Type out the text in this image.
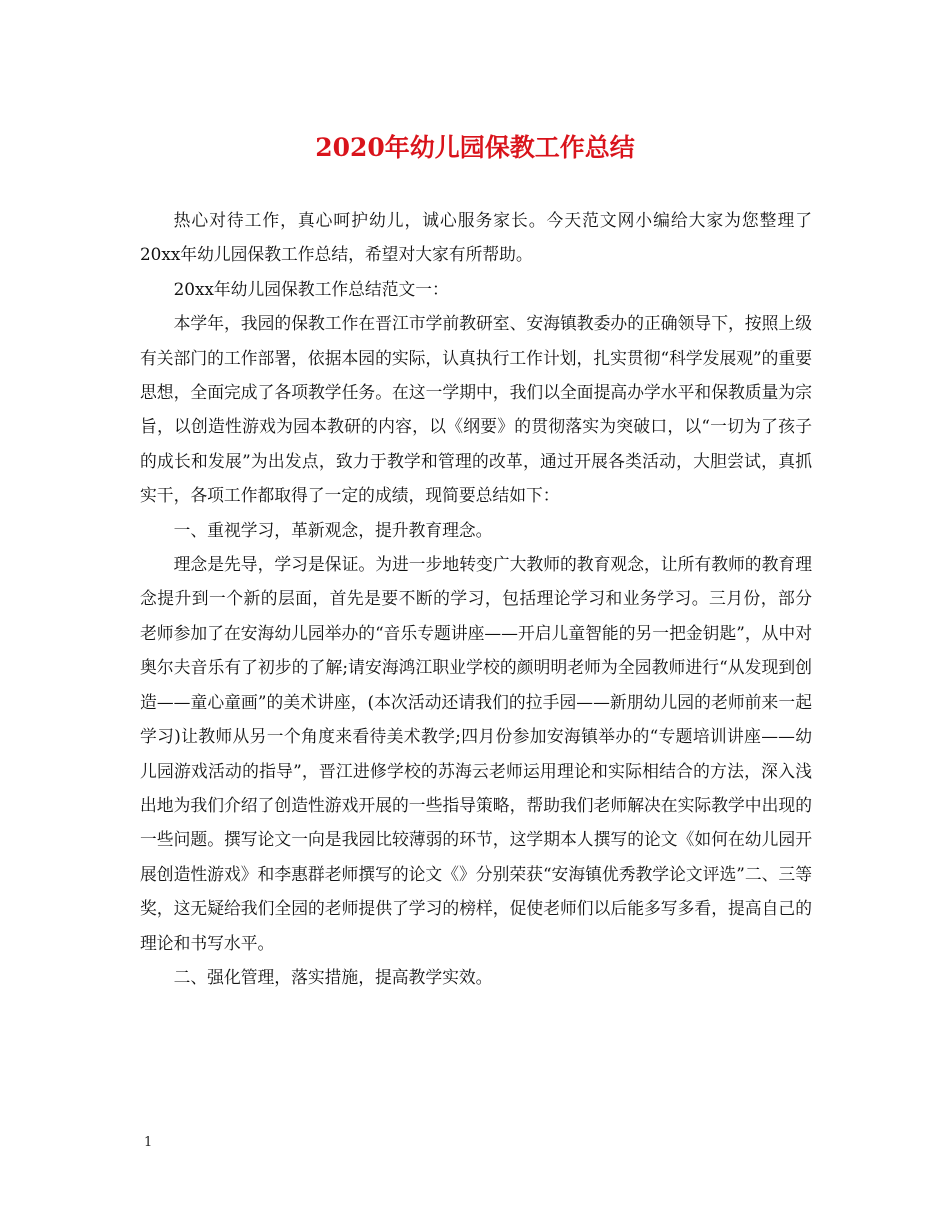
2020年幼儿园保教工作总结

热心对待工作，真心呵护幼儿，诚心服务家长。今天范文网小编给大家为您整理了20xx年幼儿园保教工作总结，希望对大家有所帮助。

20xx年幼儿园保教工作总结范文一：

本学年，我园的保教工作在晋江市学前教研室、安海镇教委办的正确领导下，按照上级有关部门的工作部署，依据本园的实际，认真执行工作计划，扎实贯彻“科学发展观”的重要思想，全面完成了各项教学任务。在这一学期中，我们以全面提高办学水平和保教质量为宗旨，以创造性游戏为园本教研的内容，以《纲要》的贯彻落实为突破口，以“一切为了孩子的成长和发展”为出发点，致力于教学和管理的改革，通过开展各类活动，大胆尝试，真抓实干，各项工作都取得了一定的成绩，现简要总结如下：

一、重视学习，革新观念，提升教育理念。

理念是先导，学习是保证。为进一步地转变广大教师的教育观念，让所有教师的教育理念提升到一个新的层面，首先是要不断的学习，包括理论学习和业务学习。三月份，部分 老师参加了在安海幼儿园举办的“音乐专题讲座——开启儿童智能的另一把金钥匙”，从中对奥尔夫音乐有了初步的了解;请安海鸿江职业学校的颜明明老师为全园教师进行“从发现到创造——童心童画”的美术讲座，(本次活动还请我们的拉手园——新朋幼儿园的老师前来一起学习)让教师从另一个角度来看待美术教学;四月份参加安海镇举办的“专题培训讲座——幼儿园游戏活动的指导”，晋江进修学校的苏海云老师运用理论和实际相结合的方法，深入浅出地为我们介绍了创造性游戏开展的一些指导策略，帮助我们老师解决在实际教学中出现的一些问题。撰写论文一向是我园比较薄弱的环节，这学期本人撰写的论文《如何在幼儿园开展创造性游戏》和李惠群老师撰写的论文《》分别荣获“安海镇优秀教学论文评选”二、三等奖，这无疑给我们全园的老师提供了学习的榜样，促使老师们以后能多写多看，提高自己的理论和书写水平。

二、强化管理，落实措施，提高教学实效。

1
